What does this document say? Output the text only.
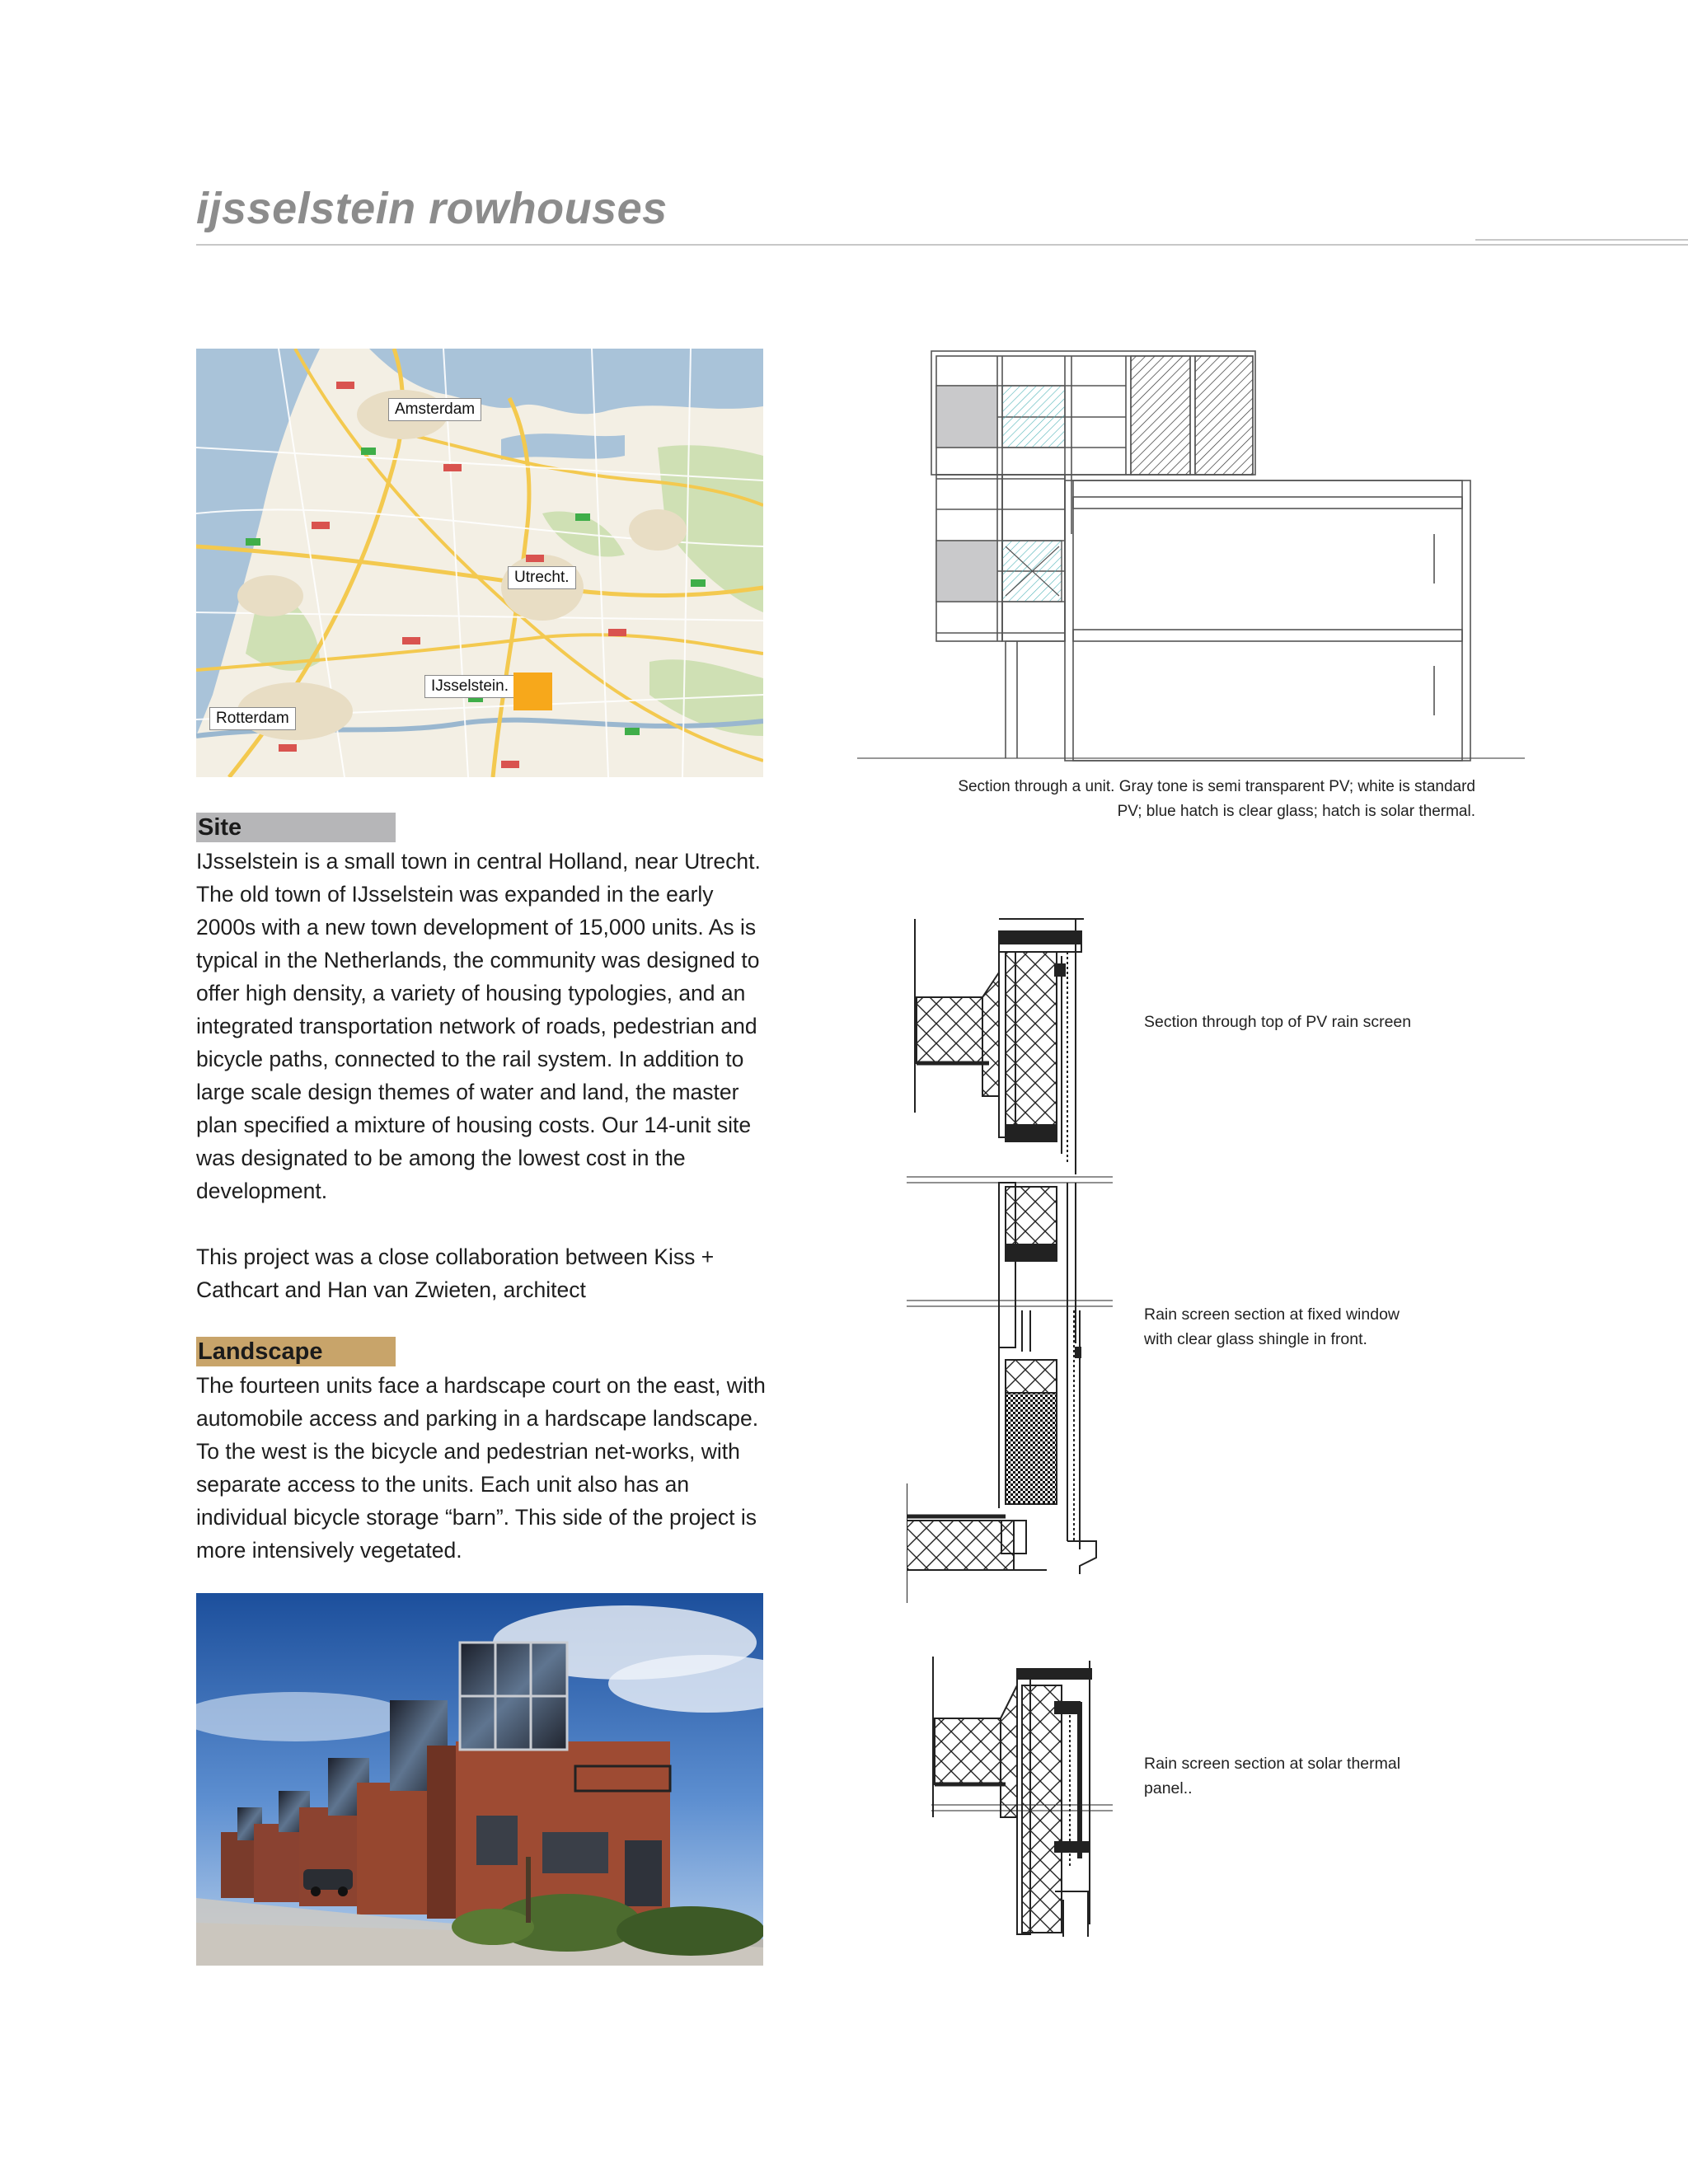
ijsselstein rowhouses
Amsterdam
Utrecht.
IJsselstein.
Rotterdam
Site

IJsselstein is a small town in central Holland, near Utrecht. The old town of IJsselstein was expanded in the early 2000s with a new town development of 15,000 units. As is typical in the Netherlands, the community was designed to offer high density, a variety of housing typologies, and an integrated transportation network of roads, pedestrian and bicycle paths, connected to the rail system. In addition to large scale design themes of water and land, the master plan specified a mixture of housing costs. Our 14-unit site was designated to be among the lowest cost in the development.

This project was a close collaboration between Kiss + Cathcart and Han van Zwieten, architect

Landscape

The fourteen units face a hardscape court on the east, with automobile access and parking in a hardscape landscape. To the west is the bicycle and pedestrian net-works, with separate access to the units. Each unit also has an individual bicycle storage “barn”. This side of the project is more intensively vegetated.

Section through a unit. Gray tone is semi transparent PV; white is standard
PV; blue hatch is clear glass; hatch is solar thermal.
Section through top of PV rain screen
Rain screen section at fixed window with clear glass shingle in front.
Rain screen section at solar thermal panel..
